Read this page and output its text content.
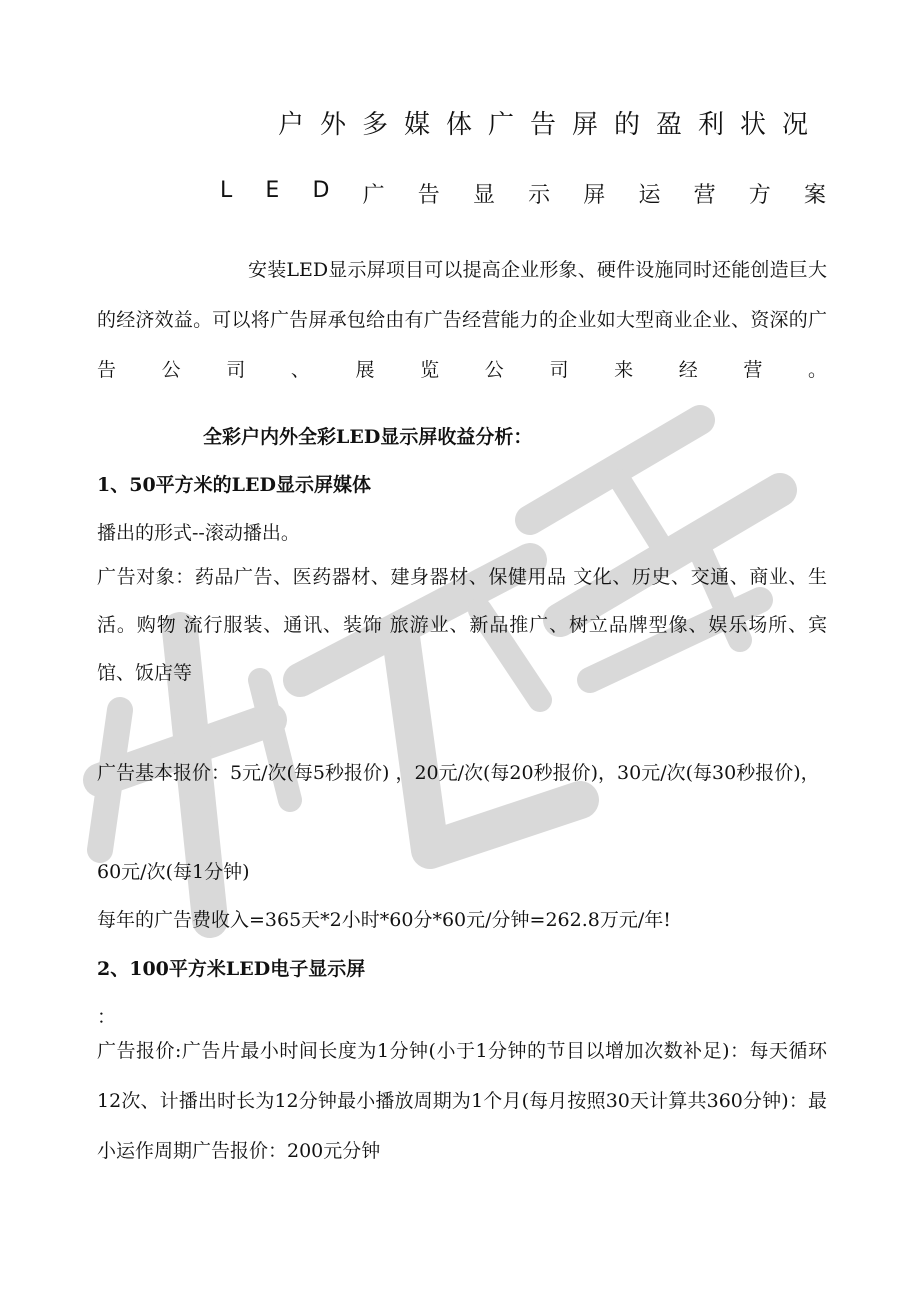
户外多媒体广告屏的盈利状况
L E D 广 告 显 示 屏 运 营 方 案

安装LED显示屏项目可以提高企业形象、硬件设施同时还能创造巨大的经济效益。可以将广告屏承包给由有广告经营能力的企业如大型商业企业、资深的广告公司、展览公司来经营。

全彩户内外全彩LED显示屏收益分析：

1、50平方米的LED显示屏媒体

播出的形式--滚动播出。

广告对象：药品广告、医药器材、建身器材、保健用品 文化、历史、交通、商业、生活。购物 流行服装、通讯、装饰 旅游业、新品推广、树立品牌型像、娱乐场所、宾馆、饭店等

广告基本报价：5元/次(每5秒报价) ，20元/次(每20秒报价)，30元/次(每30秒报价)，

60元/次(每1分钟)

每年的广告费收入=365天*2小时*60分*60元/分钟=262.8万元/年!

2、100平方米LED电子显示屏

：

广告报价:广告片最小时间长度为1分钟(小于1分钟的节目以增加次数补足)：每天循环12次、计播出时长为12分钟最小播放周期为1个月(每月按照30天计算共360分钟)：最小运作周期广告报价：200元分钟
